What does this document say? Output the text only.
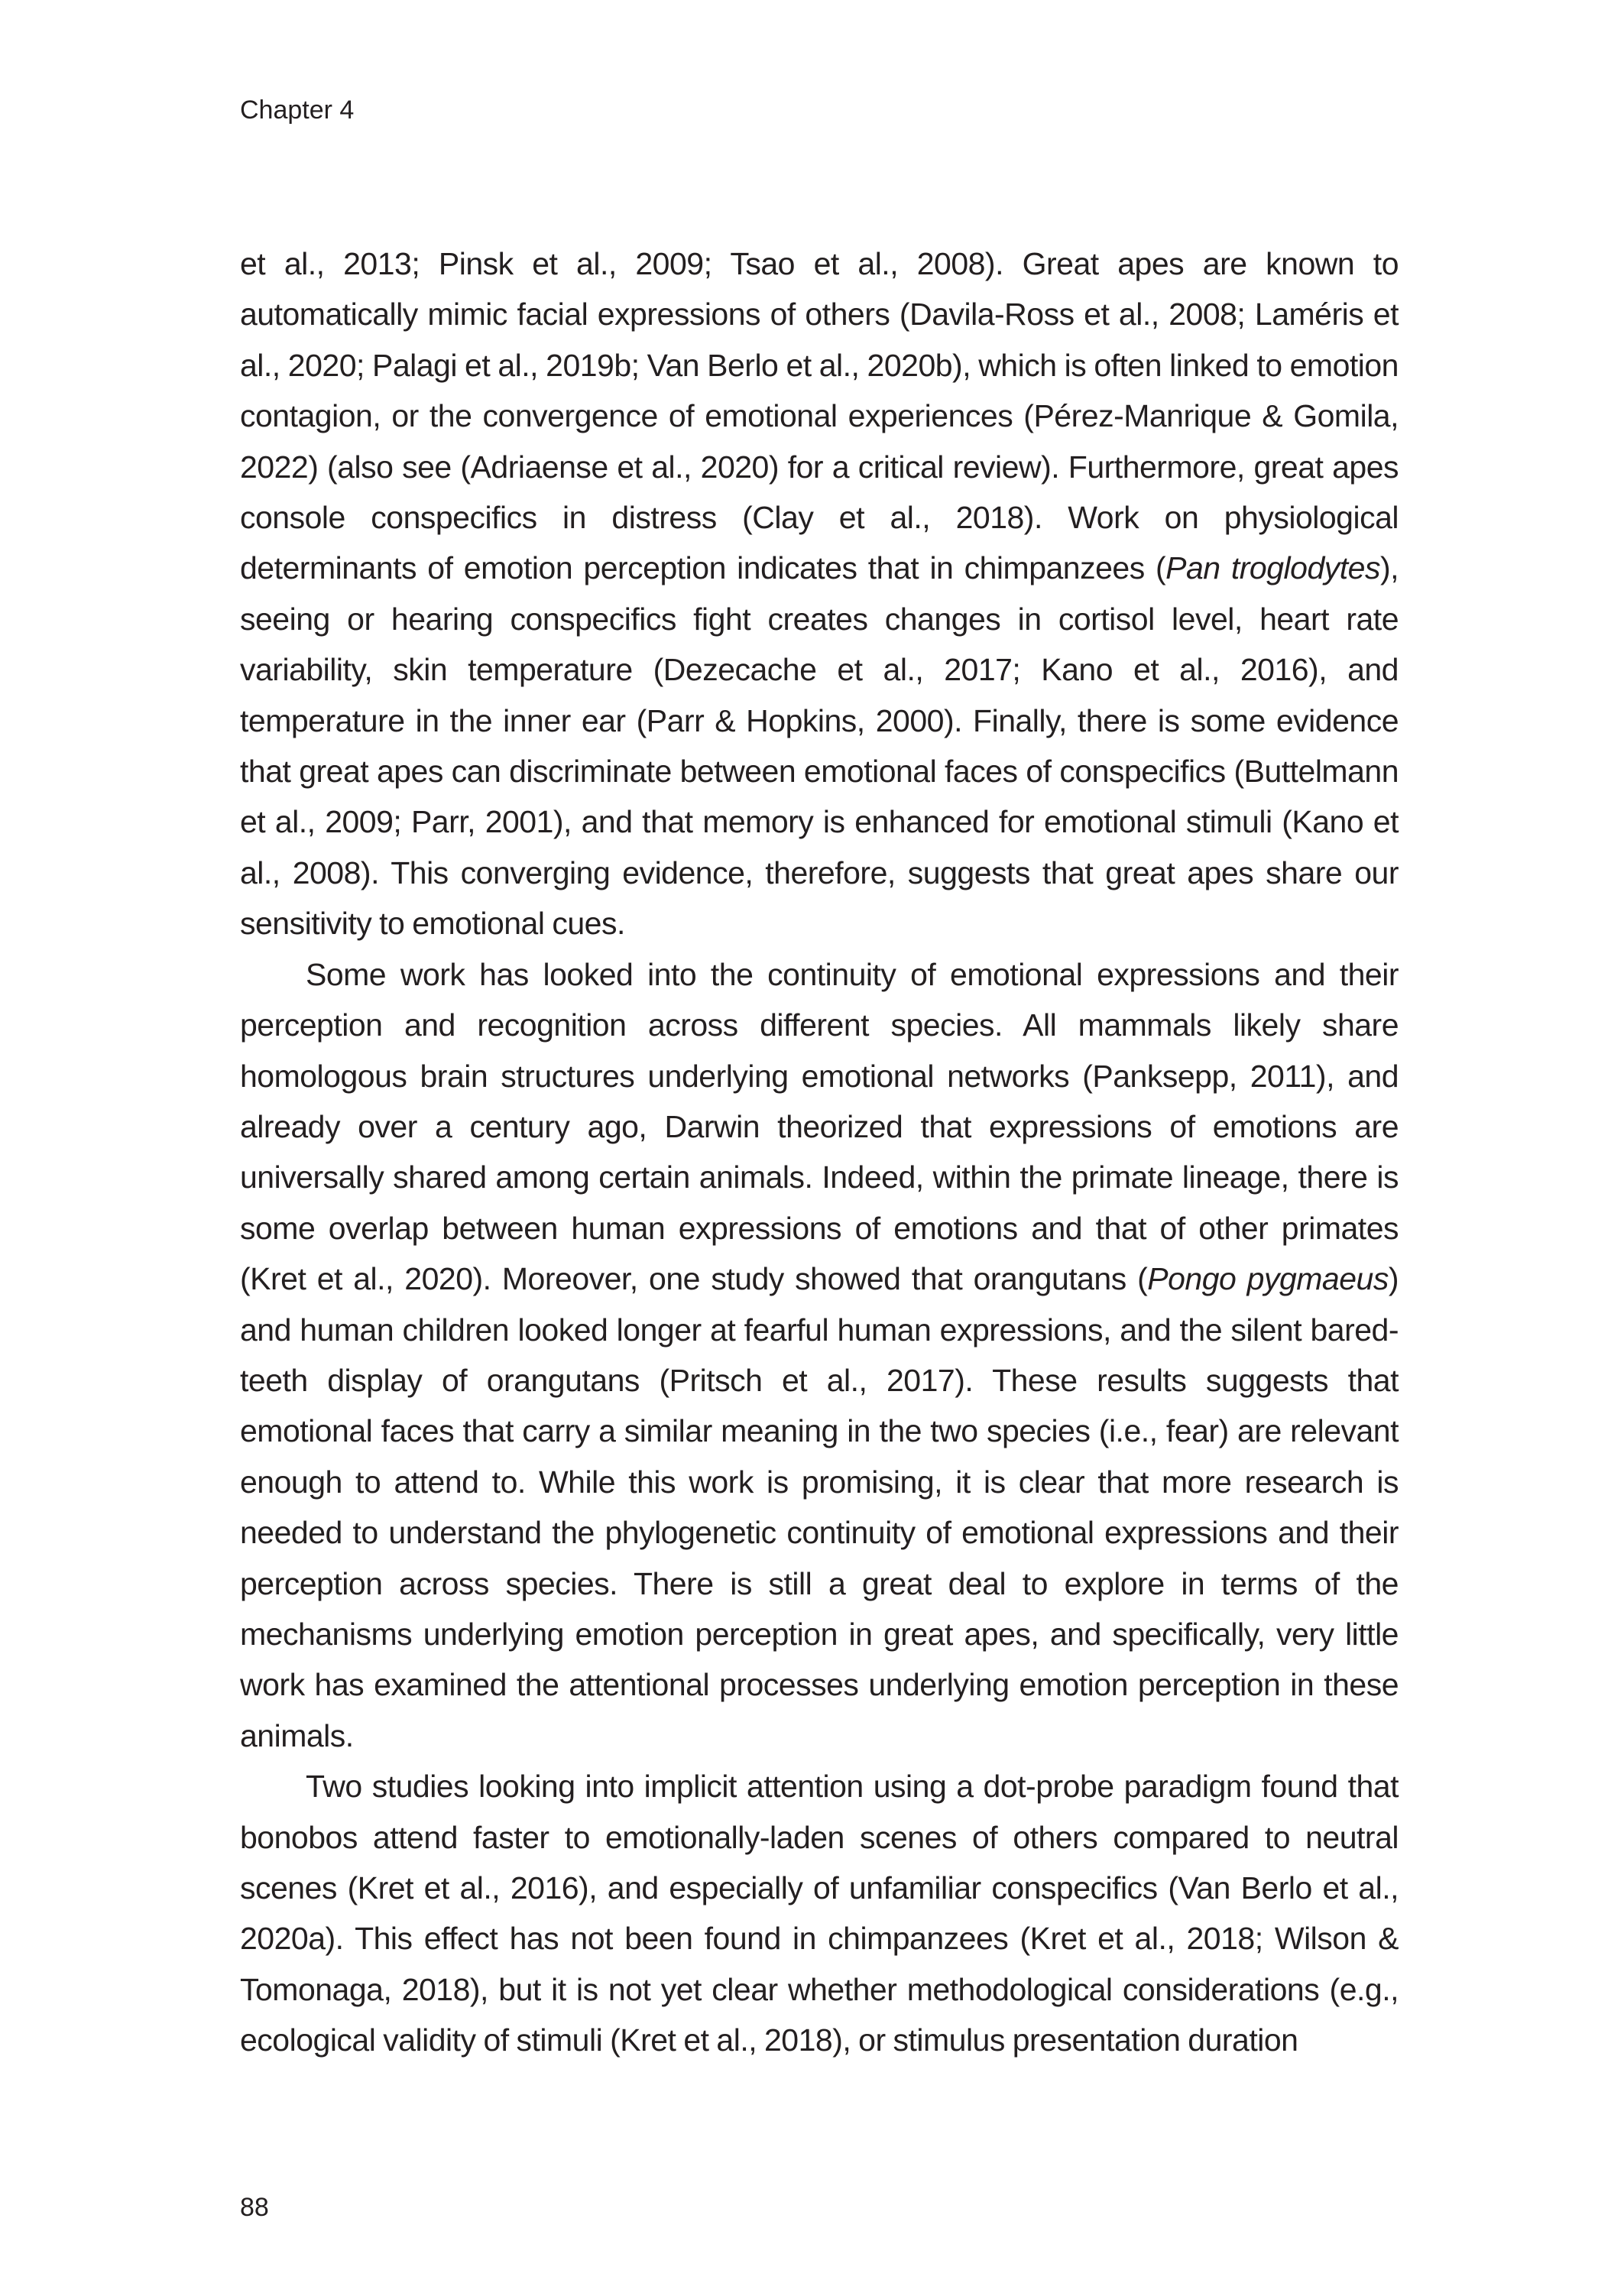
Chapter 4

et al., 2013; Pinsk et al., 2009; Tsao et al., 2008). Great apes are known to automatically mimic facial expressions of others (Davila-Ross et al., 2008; Laméris et al., 2020; Palagi et al., 2019b; Van Berlo et al., 2020b), which is often linked to emotion contagion, or the convergence of emotional experiences (Pérez-Manrique & Gomila, 2022) (also see (Adriaense et al., 2020) for a critical review). Furthermore, great apes console conspecifics in distress (Clay et al., 2018). Work on physiological determinants of emotion perception indicates that in chimpanzees (Pan troglodytes), seeing or hearing conspecifics fight creates changes in cortisol level, heart rate variability, skin temperature (Dezecache et al., 2017; Kano et al., 2016), and temperature in the inner ear (Parr & Hopkins, 2000). Finally, there is some evidence that great apes can discriminate between emotional faces of conspecifics (Buttelmann et al., 2009; Parr, 2001), and that memory is enhanced for emotional stimuli (Kano et al., 2008). This converging evidence, therefore, suggests that great apes share our sensitivity to emotional cues.

Some work has looked into the continuity of emotional expressions and their perception and recognition across different species. All mammals likely share homologous brain structures underlying emotional networks (Panksepp, 2011), and already over a century ago, Darwin theorized that expressions of emotions are universally shared among certain animals. Indeed, within the primate lineage, there is some overlap between human expressions of emotions and that of other primates (Kret et al., 2020). Moreover, one study showed that orangutans (Pongo pygmaeus) and human children looked longer at fearful human expressions, and the silent bared-teeth display of orangutans (Pritsch et al., 2017). These results suggests that emotional faces that carry a similar meaning in the two species (i.e., fear) are relevant enough to attend to. While this work is promising, it is clear that more research is needed to understand the phylogenetic continuity of emotional expressions and their perception across species. There is still a great deal to explore in terms of the mechanisms underlying emotion perception in great apes, and specifically, very little work has examined the attentional processes underlying emotion perception in these animals.

Two studies looking into implicit attention using a dot-probe paradigm found that bonobos attend faster to emotionally-laden scenes of others compared to neutral scenes (Kret et al., 2016), and especially of unfamiliar conspecifics (Van Berlo et al., 2020a). This effect has not been found in chimpanzees (Kret et al., 2018; Wilson & Tomonaga, 2018), but it is not yet clear whether methodological considerations (e.g., ecological validity of stimuli (Kret et al., 2018), or stimulus presentation duration

88
